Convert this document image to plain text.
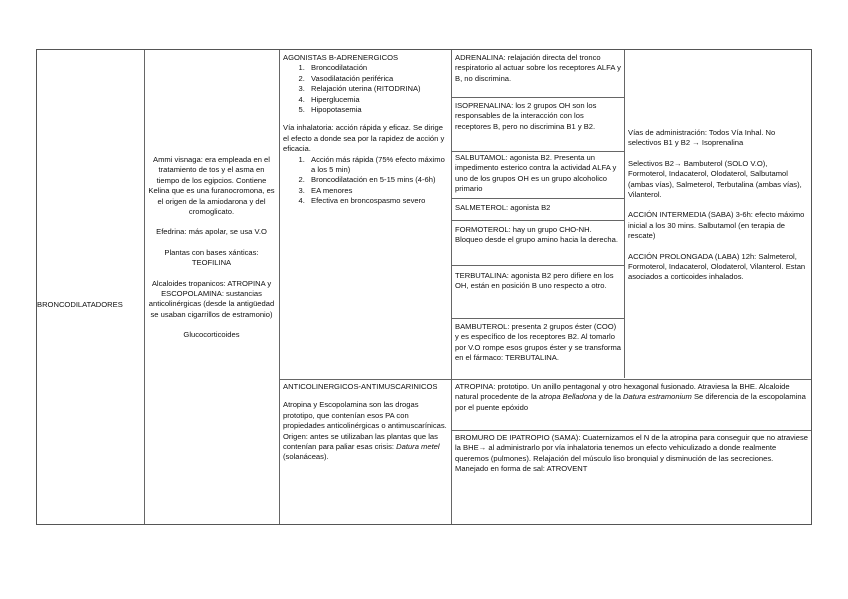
BRONCODILATADORES

Ammi visnaga: era empleada en el tratamiento de tos y el asma en tiempo de los egipcios. Contiene Kelina que es una furanocromona, es el origen de la amiodarona y del cromoglicato.

Efedrina: más apolar, se usa V.O

Plantas con bases xánticas: TEOFILINA

Alcaloides tropanicos: ATROPINA y ESCOPOLAMINA: sustancias anticolinérgicas (desde la antigüedad se usaban cigarrillos de estramonio)

Glucocorticoides

AGONISTAS B-ADRENERGICOS

1. Broncodilatación
2. Vasodilatación periférica
3. Relajación uterina (RITODRINA)
4. Hiperglucemia
5. Hipopotasemia

Vía inhalatoria: acción rápida y eficaz. Se dirige el efecto a donde sea por la rapidez de acción y eficacia.

1. Acción más rápida (75% efecto máximo a los 5 min)
2. Broncodilatación en 5-15 mins (4-6h)
3. EA menores
4. Efectiva en broncospasmo severo
ADRENALINA: relajación directa del tronco respiratorio al actuar sobre los receptores ALFA y B, no discrimina.
ISOPRENALINA: los 2 grupos OH son los responsables de la interacción con los receptores B, pero no discrimina B1 y B2.
SALBUTAMOL: agonista B2. Presenta un impedimento esterico contra la actividad ALFA y uno de los grupos OH es un grupo alcoholico primario
SALMETEROL: agonista B2
FORMOTEROL: hay un grupo CHO-NH. Bloqueo desde el grupo amino hacia la derecha.
TERBUTALINA: agonista B2 pero difiere en los OH, están en posición B uno respecto a otro.
BAMBUTEROL: presenta 2 grupos éster (COO) y es específico de los receptores B2. Al tomarlo por V.O rompe esos grupos éster y se transforma en el fármaco: TERBUTALINA.

Vías de administración: Todos Vía Inhal. No selectivos B1 y B2 → Isoprenalina

Selectivos B2→ Bambuterol (SOLO V.O), Formoterol, Indacaterol, Olodaterol, Salbutamol (ambas vías), Salmeterol, Terbutalina (ambas vías), Vilanterol.

ACCIÓN INTERMEDIA (SABA) 3-6h: efecto máximo inicial a los 30 mins. Salbutamol (en terapia de rescate)

ACCIÓN PROLONGADA (LABA) 12h: Salmeterol, Formoterol, Indacaterol, Olodaterol, Vilanterol. Estan asociados a corticoides inhalados.

ANTICOLINERGICOS-ANTIMUSCARINICOS

Atropina y Escopolamina son las drogas prototipo, que contenían esos PA con propiedades anticolinérgicas o antimuscarínicas.

Origen: antes se utilizaban las plantas que las contenían para paliar esas crisis: Datura metel (solanáceas).

ATROPINA: prototipo. Un anillo pentagonal y otro hexagonal fusionado. Atraviesa la BHE. Alcaloide natural procedente de la atropa Belladona y de la Datura estramonium Se diferencia de la escopolamina por el puente epóxido

BROMURO DE IPATROPIO (SAMA): Cuaternizamos el N de la atropina para conseguir que no atraviese la BHE→ al administrarlo por vía inhalatoria tenemos un efecto vehiculizado a donde realmente queremos (pulmones). Relajación del músculo liso bronquial y disminución de las secreciones.

Manejado en forma de sal: ATROVENT
